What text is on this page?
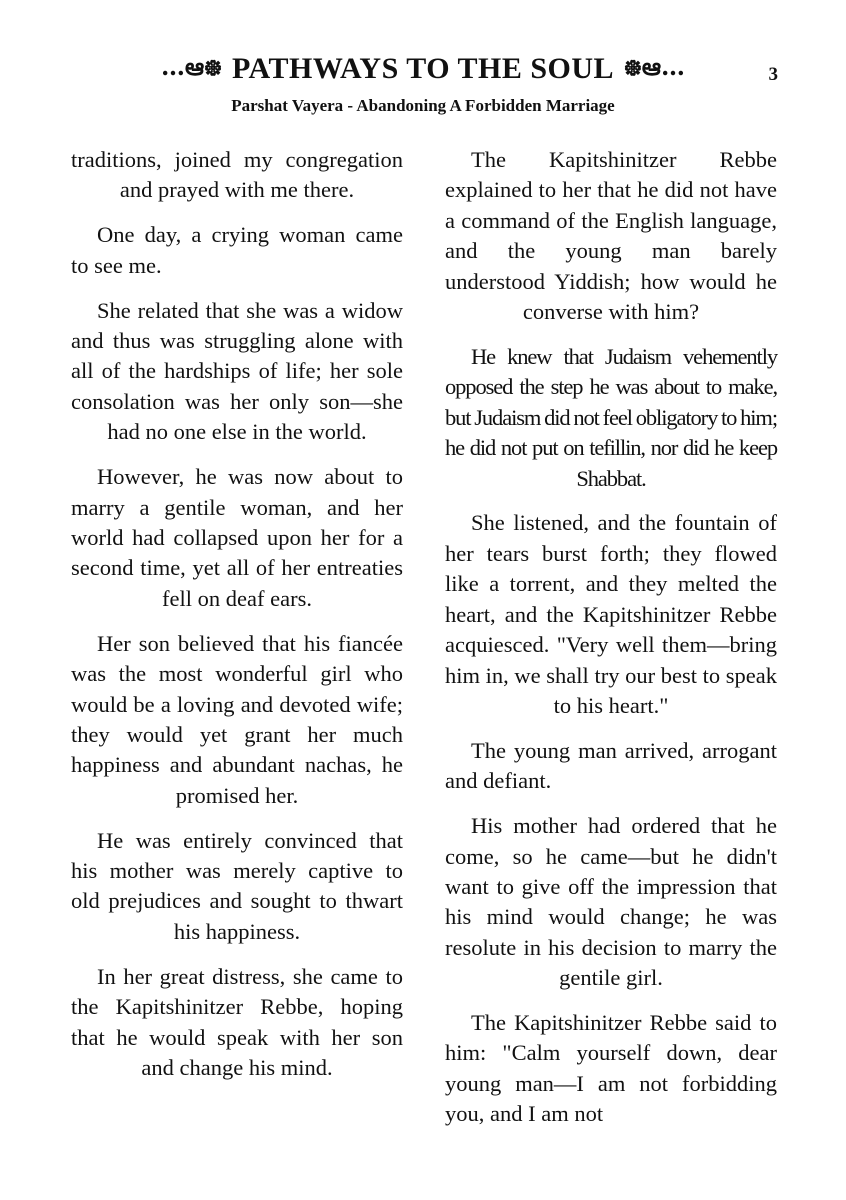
…ఆ᪥ PATHWAYS TO THE SOUL ᪥ఆ…	3
Parshat Vayera - Abandoning A Forbidden Marriage

traditions, joined my congregation and prayed with me there.

One day, a crying woman came to see me.

She related that she was a widow and thus was struggling alone with all of the hardships of life; her sole consolation was her only son—she had no one else in the world.

However, he was now about to marry a gentile woman, and her world had collapsed upon her for a second time, yet all of her entreaties fell on deaf ears.

Her son believed that his fiancée was the most wonderful girl who would be a loving and devoted wife; they would yet grant her much happiness and abundant nachas, he promised her.

He was entirely convinced that his mother was merely captive to old prejudices and sought to thwart his happiness.

In her great distress, she came to the Kapitshinitzer Rebbe, hoping that he would speak with her son and change his mind.

The Kapitshinitzer Rebbe explained to her that he did not have a command of the English language, and the young man barely understood Yiddish; how would he converse with him?

He knew that Judaism vehemently opposed the step he was about to make, but Judaism did not feel obligatory to him; he did not put on tefillin, nor did he keep Shabbat.

She listened, and the fountain of her tears burst forth; they flowed like a torrent, and they melted the heart, and the Kapitshinitzer Rebbe acquiesced. "Very well them—bring him in, we shall try our best to speak to his heart."

The young man arrived, arrogant and defiant.

His mother had ordered that he come, so he came—but he didn't want to give off the impression that his mind would change; he was resolute in his decision to marry the gentile girl.

The Kapitshinitzer Rebbe said to him: "Calm yourself down, dear young man—I am not forbidding you, and I am not
